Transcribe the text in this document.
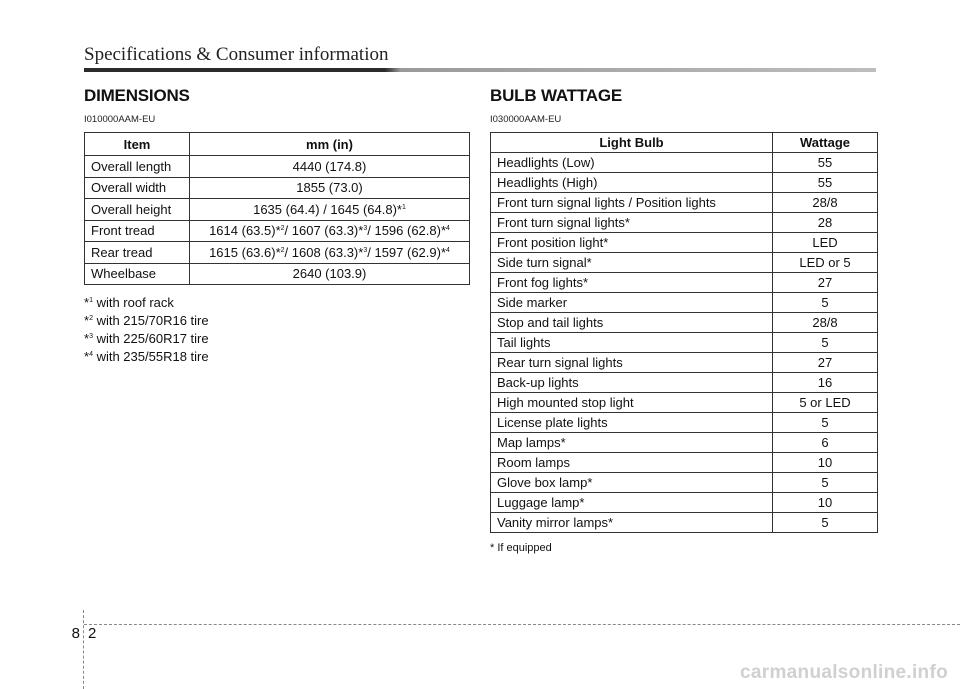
Specifications & Consumer information
DIMENSIONS
I010000AAM-EU
Item	mm (in)
Overall length	4440 (174.8)
Overall width	1855 (73.0)
Overall height	1635 (64.4) / 1645 (64.8)*$^1$
Front tread	1614 (63.5)*$^2$/ 1607 (63.3)*$^3$/ 1596 (62.8)*$^4$
Rear tread	1615 (63.6)*$^2$/ 1608 (63.3)*$^3$/ 1597 (62.9)*$^4$
Wheelbase	2640 (103.9)
*$^1$ with roof rack
*$^2$ with 215/70R16 tire
*$^3$ with 225/60R17 tire
*$^4$ with 235/55R18 tire
BULB WATTAGE
I030000AAM-EU
Light Bulb	Wattage
Headlights (Low)	55
Headlights (High)	55
Front turn signal lights / Position lights	28/8
Front turn signal lights*	28
Front position light*	LED
Side turn signal*	LED or 5
Front fog lights*	27
Side marker	5
Stop and tail lights	28/8
Tail lights	5
Rear turn signal lights	27
Back-up lights	16
High mounted stop light	5 or LED
License plate lights	5
Map lamps*	6
Room lamps	10
Glove box lamp*	5
Luggage lamp*	10
Vanity mirror lamps*	5
* If equipped
82
carmanualsonline.info
